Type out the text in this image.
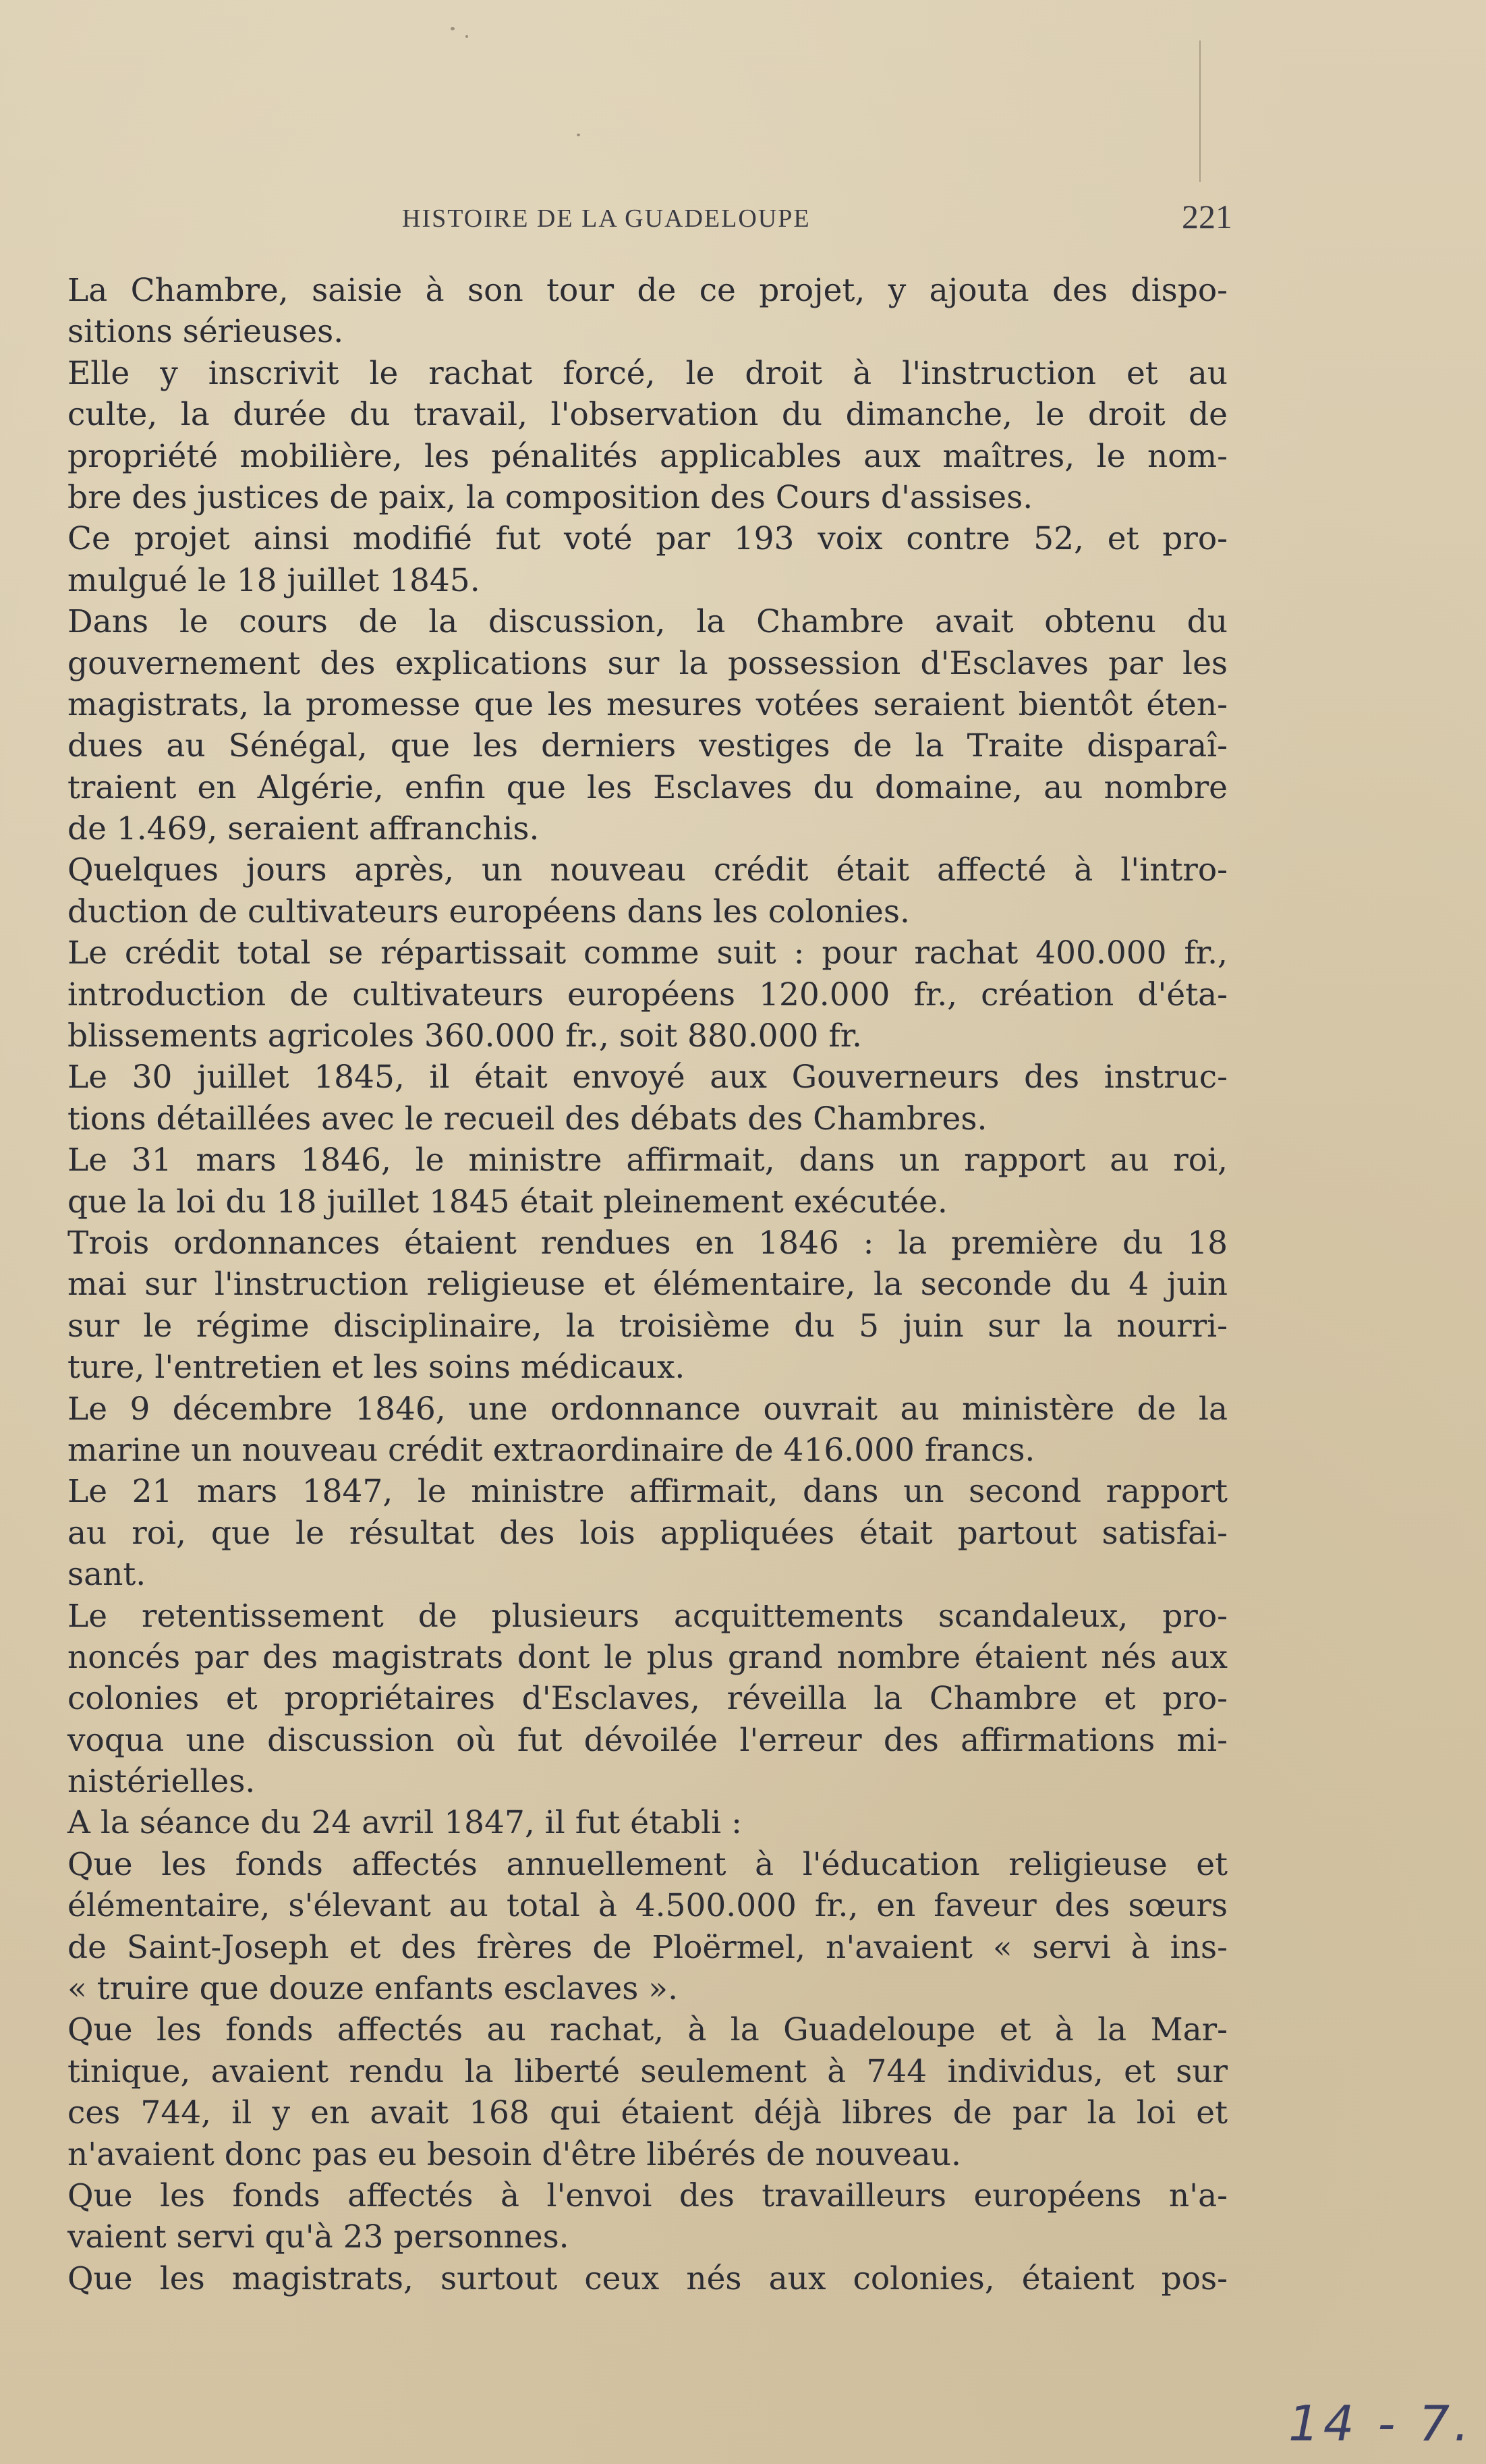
HISTOIRE DE LA GUADELOUPE	221
La Chambre, saisie à son tour de ce projet, y ajouta des dispo-
sitions sérieuses.
Elle y inscrivit le rachat forcé, le droit à l'instruction et au
culte, la durée du travail, l'observation du dimanche, le droit de
propriété mobilière, les pénalités applicables aux maîtres, le nom-
bre des justices de paix, la composition des Cours d'assises.
Ce projet ainsi modifié fut voté par 193 voix contre 52, et pro-
mulgué le 18 juillet 1845.
Dans le cours de la discussion, la Chambre avait obtenu du
gouvernement des explications sur la possession d'Esclaves par les
magistrats, la promesse que les mesures votées seraient bientôt éten-
dues au Sénégal, que les derniers vestiges de la Traite disparaî-
traient en Algérie, enfin que les Esclaves du domaine, au nombre
de 1.469, seraient affranchis.
Quelques jours après, un nouveau crédit était affecté à l'intro-
duction de cultivateurs européens dans les colonies.
Le crédit total se répartissait comme suit : pour rachat 400.000 fr.,
introduction de cultivateurs européens 120.000 fr., création d'éta-
blissements agricoles 360.000 fr., soit 880.000 fr.
Le 30 juillet 1845, il était envoyé aux Gouverneurs des instruc-
tions détaillées avec le recueil des débats des Chambres.
Le 31 mars 1846, le ministre affirmait, dans un rapport au roi,
que la loi du 18 juillet 1845 était pleinement exécutée.
Trois ordonnances étaient rendues en 1846 : la première du 18
mai sur l'instruction religieuse et élémentaire, la seconde du 4 juin
sur le régime disciplinaire, la troisième du 5 juin sur la nourri-
ture, l'entretien et les soins médicaux.
Le 9 décembre 1846, une ordonnance ouvrait au ministère de la
marine un nouveau crédit extraordinaire de 416.000 francs.
Le 21 mars 1847, le ministre affirmait, dans un second rapport
au roi, que le résultat des lois appliquées était partout satisfai-
sant.
Le retentissement de plusieurs acquittements scandaleux, pro-
noncés par des magistrats dont le plus grand nombre étaient nés aux
colonies et propriétaires d'Esclaves, réveilla la Chambre et pro-
voqua une discussion où fut dévoilée l'erreur des affirmations mi-
nistérielles.
A la séance du 24 avril 1847, il fut établi :
Que les fonds affectés annuellement à l'éducation religieuse et
élémentaire, s'élevant au total à 4.500.000 fr., en faveur des sœurs
de Saint-Joseph et des frères de Ploërmel, n'avaient « servi à ins-
« truire que douze enfants esclaves ».
Que les fonds affectés au rachat, à la Guadeloupe et à la Mar-
tinique, avaient rendu la liberté seulement à 744 individus, et sur
ces 744, il y en avait 168 qui étaient déjà libres de par la loi et
n'avaient donc pas eu besoin d'être libérés de nouveau.
Que les fonds affectés à l'envoi des travailleurs européens n'a-
vaient servi qu'à 23 personnes.
Que les magistrats, surtout ceux nés aux colonies, étaient pos-
14 - 7.
